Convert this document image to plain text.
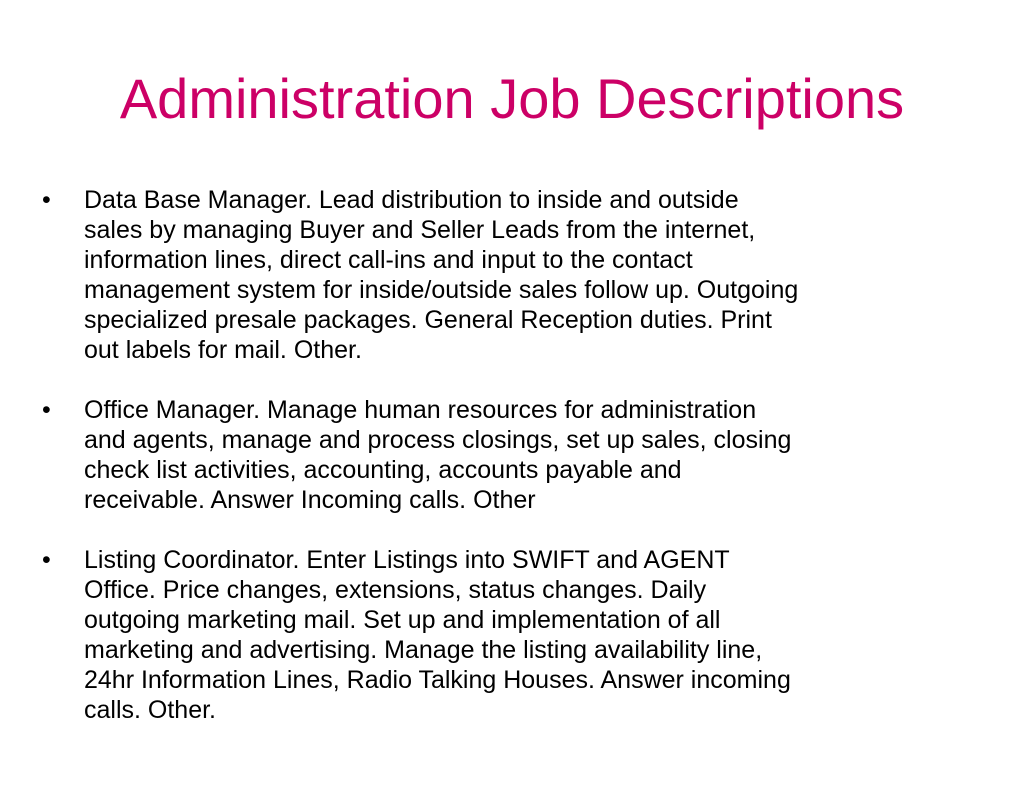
Administration Job Descriptions
•	Data Base Manager. Lead distribution to inside and outside
sales by managing Buyer and Seller Leads from the internet,
information lines, direct call-ins and input to the contact
management system for inside/outside sales follow up. Outgoing
specialized presale packages. General Reception duties. Print
out labels for mail. Other.
•	Office Manager. Manage human resources for administration
and agents, manage and process closings, set up sales, closing
check list activities, accounting, accounts payable and
receivable. Answer Incoming calls. Other
•	Listing Coordinator. Enter Listings into SWIFT and AGENT
Office. Price changes, extensions, status changes. Daily
outgoing marketing mail. Set up and implementation of all
marketing and advertising. Manage the listing availability line,
24hr Information Lines, Radio Talking Houses. Answer incoming
calls. Other.
